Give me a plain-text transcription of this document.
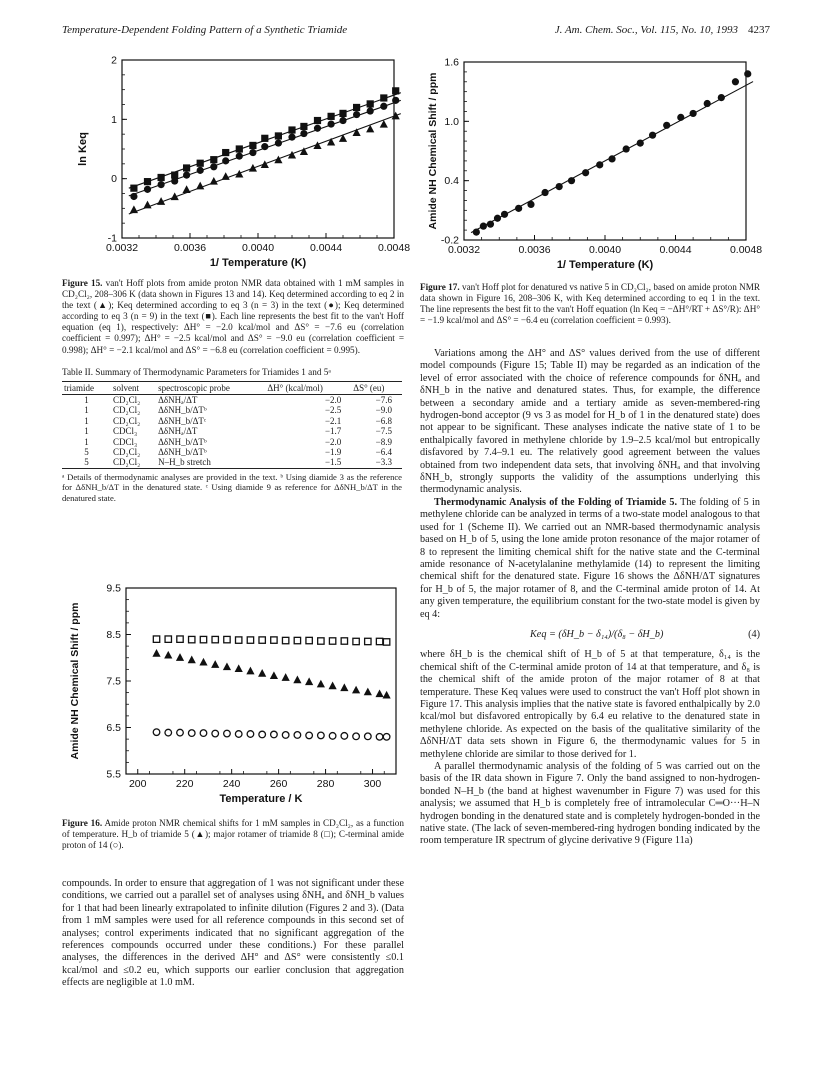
Temperature-Dependent Folding Pattern of a Synthetic Triamide	J. Am. Chem. Soc., Vol. 115, No. 10, 1993 4237
0.0032	0.0036	0.0040	0.0044	0.0048
2
1
0
-1
1/ Temperature (K)
ln Keq
Figure 15. van't Hoff plots from amide proton NMR data obtained with 1 mM samples in CD₂Cl₂, 208–306 K (data shown in Figures 13 and 14). Keq determined according to eq 2 in the text (▲); Keq determined according to eq 3 (n = 3) in the text (●); Keq determined according to eq 3 (n = 9) in the text (■). Each line represents the best fit to the van't Hoff equation (eq 1), respectively: ΔH° = −2.0 kcal/mol and ΔS° = −7.6 eu (correlation coefficient = 0.997); ΔH° = −2.5 kcal/mol and ΔS° = −9.0 eu (correlation coefficient = 0.998); ΔH° = −2.1 kcal/mol and ΔS° = −6.8 eu (correlation coefficient = 0.995).
Table II. Summary of Thermodynamic Parameters for Triamides 1 and 5ᵃ
triamide	solvent	spectroscopic probe	ΔH° (kcal/mol)	ΔS° (eu)
1	CD₂Cl₂	ΔδNHₐ/ΔT	−2.0	−7.6
1	CD₂Cl₂	ΔδNH_b/ΔTᵇ	−2.5	−9.0
1	CD₂Cl₂	ΔδNH_b/ΔTᶜ	−2.1	−6.8
1	CDCl₃	ΔδNHₐ/ΔT	−1.7	−7.5
1	CDCl₃	ΔδNH_b/ΔTᵇ	−2.0	−8.9
5	CD₂Cl₂	ΔδNH_b/ΔTᵇ	−1.9	−6.4
5	CD₂Cl₂	N–H_b stretch	−1.5	−3.3
ᵃ Details of thermodynamic analyses are provided in the text. ᵇ Using diamide 3 as the reference for ΔδNH_b/ΔT in the denatured state. ᶜ Using diamide 9 as reference for ΔδNH_b/ΔT in the denatured state.
200	220	240	260	280	300
9.5
8.5
7.5
6.5
5.5
Temperature / K
Amide NH Chemical Shift / ppm
Figure 16. Amide proton NMR chemical shifts for 1 mM samples in CD₂Cl₂, as a function of temperature. H_b of triamide 5 (▲); major rotamer of triamide 8 (□); C-terminal amide proton of 14 (○).

compounds. In order to ensure that aggregation of 1 was not significant under these conditions, we carried out a parallel set of analyses using δNHₐ and δNH_b values for 1 that had been linearly extrapolated to infinite dilution (Figures 2 and 3). (Data from 1 mM samples were used for all reference compounds in this second set of analyses; control experiments indicated that no significant aggregation of the references compounds occurred under these conditions.) For these parallel analyses, the differences in the derived ΔH° and ΔS° were consistently ≤0.1 kcal/mol and ≤0.2 eu, which supports our earlier conclusion that aggregation effects are negligible at 1.0 mM.

0.0032	0.0036	0.0040	0.0044	0.0048
1.6
1.0
0.4
-0.2
1/ Temperature (K)
Amide NH Chemical Shift / ppm
Figure 17. van't Hoff plot for denatured vs native 5 in CD₂Cl₂, based on amide proton NMR data shown in Figure 16, 208–306 K, with Keq determined according to eq 1 in the text. The line represents the best fit to the van't Hoff equation (ln Keq = −ΔH°/RT + ΔS°/R): ΔH° = −1.9 kcal/mol and ΔS° = −6.4 eu (correlation coefficient = 0.993).

Variations among the ΔH° and ΔS° values derived from the use of different model compounds (Figure 15; Table II) may be regarded as an indication of the level of error associated with the choice of reference compounds for δNHₐ and δNH_b in the native and denatured states. Thus, for example, the difference between a secondary amide and a tertiary amide as seven-membered-ring hydrogen-bond acceptor (9 vs 3 as model for H_b of 1 in the denatured state) does not appear to be significant. These analyses indicate the native state of 1 to be enthalpically favored in methylene chloride by 1.9–2.5 kcal/mol but entropically disfavored by 7.4–9.1 eu. The relatively good agreement between the values obtained from two independent data sets, that involving δNHₐ and that involving δNH_b, strongly supports the validity of the assumptions underlying this thermodynamic analysis.

Thermodynamic Analysis of the Folding of Triamide 5. The folding of 5 in methylene chloride can be analyzed in terms of a two-state model analogous to that used for 1 (Scheme II). We carried out an NMR-based thermodynamic analysis based on H_b of 5, using the lone amide proton resonance of the major rotamer of 8 to represent the limiting chemical shift for the native state and the C-terminal amide resonance of N-acetylalanine methylamide (14) to represent the limiting chemical shift for the denatured state. Figure 16 shows the ΔδNH/ΔT signatures for H_b of 5, the major rotamer of 8, and the C-terminal amide proton of 14. At any given temperature, the equilibrium constant for the two-state model is given by eq 4:

Keq = (δH_b − δ₁₄)/(δ₈ − δH_b)	(4)

where δH_b is the chemical shift of H_b of 5 at that temperature, δ₁₄ is the chemical shift of the C-terminal amide proton of 14 at that temperature, and δ₈ is the chemical shift of the amide proton of the major rotamer of 8 at that temperature. These Keq values were used to construct the van't Hoff plot shown in Figure 17. This analysis implies that the native state is favored enthalpically by 2.0 kcal/mol but disfavored entropically by 6.4 eu relative to the denatured state in methylene chloride. As expected on the basis of the qualitative similarity of the ΔδNH/ΔT data sets shown in Figure 6, the thermodynamic values for 5 in methylene chloride are similar to those derived for 1.

A parallel thermodynamic analysis of the folding of 5 was carried out on the basis of the IR data shown in Figure 7. Only the band assigned to non-hydrogen-bonded N–H_b (the band at highest wavenumber in Figure 7) was used for this analysis; we assumed that H_b is completely free of intramolecular C═O···H–N hydrogen bonding in the denatured state and is completely hydrogen-bonded in the native state. (The lack of seven-membered-ring hydrogen bonding indicated by the room temperature IR spectrum of glycine derivative 9 (Figure 11a)
